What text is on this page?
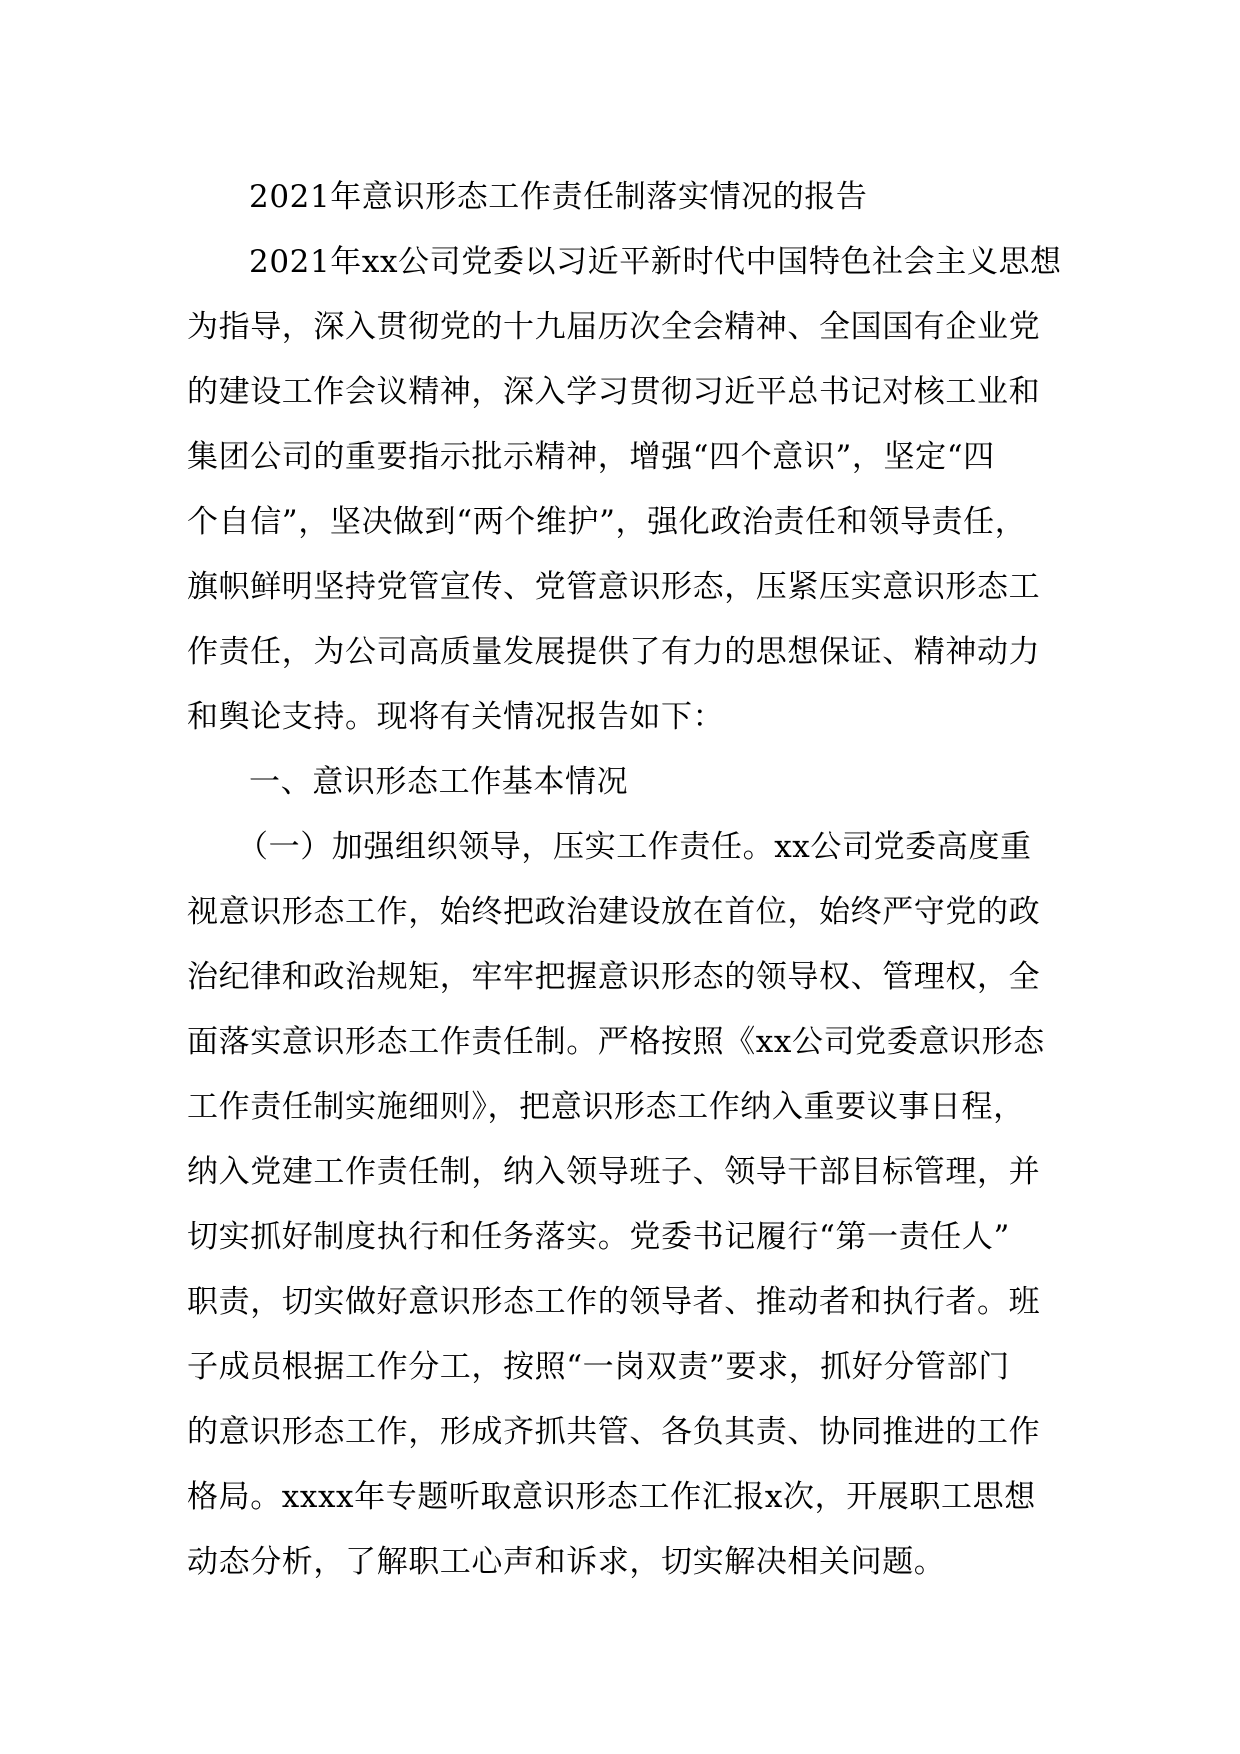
2021年意识形态工作责任制落实情况的报告
2021年xx公司党委以习近平新时代中国特色社会主义思想
为指导，深入贯彻党的十九届历次全会精神、全国国有企业党
的建设工作会议精神，深入学习贯彻习近平总书记对核工业和
集团公司的重要指示批示精神，增强“四个意识”，坚定“四
个自信”，坚决做到“两个维护”，强化政治责任和领导责任，
旗帜鲜明坚持党管宣传、党管意识形态，压紧压实意识形态工
作责任，为公司高质量发展提供了有力的思想保证、精神动力
和舆论支持。现将有关情况报告如下：
一、意识形态工作基本情况
（一）加强组织领导，压实工作责任。xx公司党委高度重
视意识形态工作，始终把政治建设放在首位，始终严守党的政
治纪律和政治规矩，牢牢把握意识形态的领导权、管理权，全
面落实意识形态工作责任制。严格按照《xx公司党委意识形态
工作责任制实施细则》，把意识形态工作纳入重要议事日程，
纳入党建工作责任制，纳入领导班子、领导干部目标管理，并
切实抓好制度执行和任务落实。党委书记履行“第一责任人”
职责，切实做好意识形态工作的领导者、推动者和执行者。班
子成员根据工作分工，按照“一岗双责”要求，抓好分管部门
的意识形态工作，形成齐抓共管、各负其责、协同推进的工作
格局。xxxx年专题听取意识形态工作汇报x次，开展职工思想
动态分析，了解职工心声和诉求，切实解决相关问题。
